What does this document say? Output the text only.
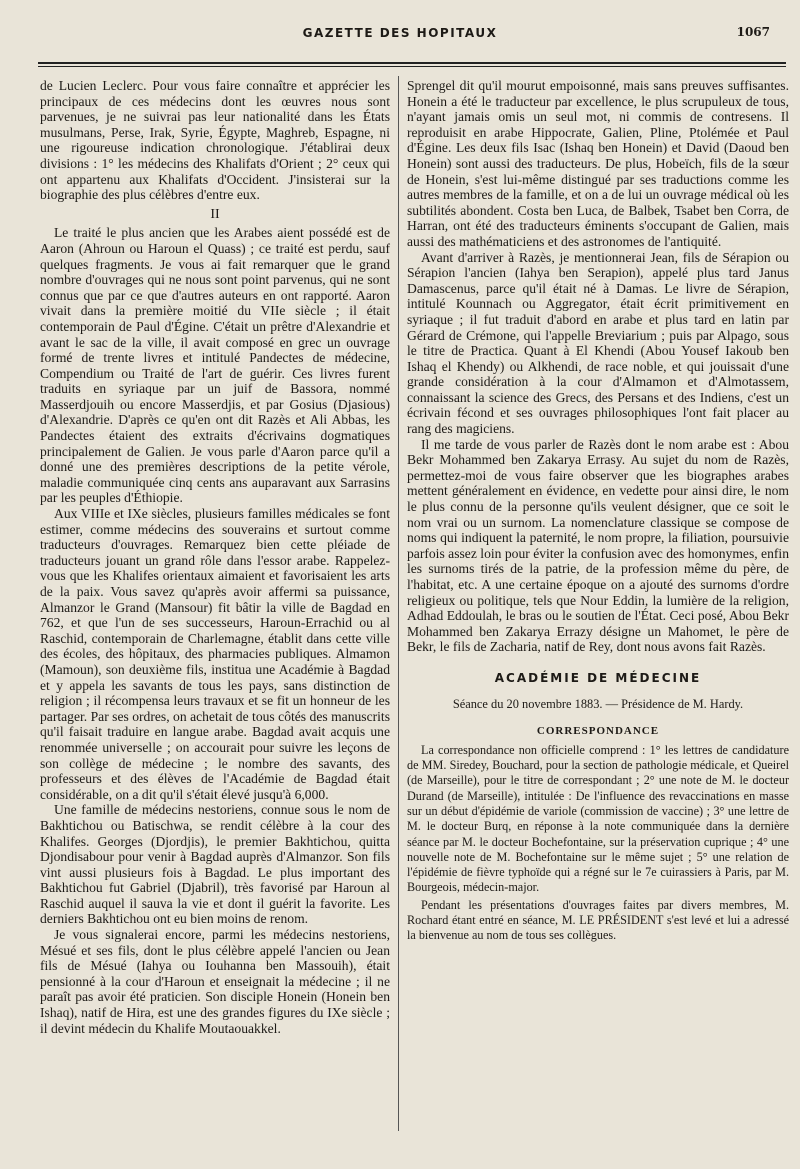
GAZETTE DES HOPITAUX	1067

de Lucien Leclerc. Pour vous faire connaître et apprécier les principaux de ces médecins dont les œuvres nous sont parvenues, je ne suivrai pas leur nationalité dans les États musulmans, Perse, Irak, Syrie, Égypte, Maghreb, Espagne, ni une rigoureuse indication chronologique. J'établirai deux divisions : 1° les médecins des Khalifats d'Orient ; 2° ceux qui ont appartenu aux Khalifats d'Occident. J'insisterai sur la biographie des plus célèbres d'entre eux.

II

Le traité le plus ancien que les Arabes aient possédé est de Aaron (Ahroun ou Haroun el Quass) ; ce traité est perdu, sauf quelques fragments. Je vous ai fait remarquer que le grand nombre d'ouvrages qui ne nous sont point parvenus, qui ne sont connus que par ce que d'autres auteurs en ont rapporté. Aaron vivait dans la première moitié du VIIe siècle ; il était contemporain de Paul d'Égine. C'était un prêtre d'Alexandrie et avant le sac de la ville, il avait composé en grec un ouvrage formé de trente livres et intitulé Pandectes de médecine, Compendium ou Traité de l'art de guérir. Ces livres furent traduits en syriaque par un juif de Bassora, nommé Masserdjouih ou encore Masserdjis, et par Gosius (Djasious) d'Alexandrie. D'après ce qu'en ont dit Razès et Ali Abbas, les Pandectes étaient des extraits d'écrivains dogmatiques principalement de Galien. Je vous parle d'Aaron parce qu'il a donné une des premières descriptions de la petite vérole, maladie communiquée cinq cents ans auparavant aux Sarrasins par les peuples d'Éthiopie.

Aux VIIIe et IXe siècles, plusieurs familles médicales se font estimer, comme médecins des souverains et surtout comme traducteurs d'ouvrages. Remarquez bien cette pléiade de traducteurs jouant un grand rôle dans l'essor arabe. Rappelez-vous que les Khalifes orientaux aimaient et favorisaient les arts de la paix. Vous savez qu'après avoir affermi sa puissance, Almanzor le Grand (Mansour) fit bâtir la ville de Bagdad en 762, et que l'un de ses successeurs, Haroun-Errachid ou al Raschid, contemporain de Charlemagne, établit dans cette ville des écoles, des hôpitaux, des pharmacies publiques. Almamon (Mamoun), son deuxième fils, institua une Académie à Bagdad et y appela les savants de tous les pays, sans distinction de religion ; il récompensa leurs travaux et se fit un honneur de les partager. Par ses ordres, on achetait de tous côtés des manuscrits qu'il faisait traduire en langue arabe. Bagdad avait acquis une renommée universelle ; on accourait pour suivre les leçons de son collège de médecine ; le nombre des savants, des professeurs et des élèves de l'Académie de Bagdad était considérable, on a dit qu'il s'était élevé jusqu'à 6,000.

Une famille de médecins nestoriens, connue sous le nom de Bakhtichou ou Batischwa, se rendit célèbre à la cour des Khalifes. Georges (Djordjis), le premier Bakhtichou, quitta Djondisabour pour venir à Bagdad auprès d'Almanzor. Son fils vint aussi plusieurs fois à Bagdad. Le plus important des Bakhtichou fut Gabriel (Djabril), très favorisé par Haroun al Raschid auquel il sauva la vie et dont il guérit la favorite. Les derniers Bakhtichou ont eu bien moins de renom.

Je vous signalerai encore, parmi les médecins nestoriens, Mésué et ses fils, dont le plus célèbre appelé l'ancien ou Jean fils de Mésué (Iahya ou Iouhanna ben Massouih), était pensionné à la cour d'Haroun et enseignait la médecine ; il ne paraît pas avoir été praticien. Son disciple Honein (Honein ben Ishaq), natif de Hira, est une des grandes figures du IXe siècle ; il devint médecin du Khalife Moutaouakkel.

Sprengel dit qu'il mourut empoisonné, mais sans preuves suffisantes. Honein a été le traducteur par excellence, le plus scrupuleux de tous, n'ayant jamais omis un seul mot, ni commis de contresens. Il reproduisit en arabe Hippocrate, Galien, Pline, Ptolémée et Paul d'Égine. Les deux fils Isac (Ishaq ben Honein) et David (Daoud ben Honein) sont aussi des traducteurs. De plus, Hobeïch, fils de la sœur de Honein, s'est lui-même distingué par ses traductions comme les autres membres de la famille, et on a de lui un ouvrage médical où les subtilités abondent. Costa ben Luca, de Balbek, Tsabet ben Corra, de Harran, ont été des traducteurs éminents s'occupant de Galien, mais aussi des mathématiciens et des astronomes de l'antiquité.

Avant d'arriver à Razès, je mentionnerai Jean, fils de Sérapion ou Sérapion l'ancien (Iahya ben Serapion), appelé plus tard Janus Damascenus, parce qu'il était né à Damas. Le livre de Sérapion, intitulé Kounnach ou Aggregator, était écrit primitivement en syriaque ; il fut traduit d'abord en arabe et plus tard en latin par Gérard de Crémone, qui l'appelle Breviarium ; puis par Alpago, sous le titre de Practica. Quant à El Khendi (Abou Yousef Iakoub ben Ishaq el Khendy) ou Alkhendi, de race noble, et qui jouissait d'une grande considération à la cour d'Almamon et d'Almotassem, connaissant la science des Grecs, des Persans et des Indiens, c'est un écrivain fécond et ses ouvrages philosophiques l'ont fait placer au rang des magiciens.

Il me tarde de vous parler de Razès dont le nom arabe est : Abou Bekr Mohammed ben Zakarya Errasy. Au sujet du nom de Razès, permettez-moi de vous faire observer que les biographes arabes mettent généralement en évidence, en vedette pour ainsi dire, le nom le plus connu de la personne qu'ils veulent désigner, que ce soit le nom vrai ou un surnom. La nomenclature classique se compose de noms qui indiquent la paternité, le nom propre, la filiation, poursuivie parfois assez loin pour éviter la confusion avec des homonymes, enfin les surnoms tirés de la patrie, de la profession même du père, de l'habitat, etc. A une certaine époque on a ajouté des surnoms d'ordre religieux ou politique, tels que Nour Eddin, la lumière de la religion, Adhad Eddoulah, le bras ou le soutien de l'État. Ceci posé, Abou Bekr Mohammed ben Zakarya Errazy désigne un Mahomet, le père de Bekr, le fils de Zacharia, natif de Rey, dont nous avons fait Razès.

ACADÉMIE DE MÉDECINE
Séance du 20 novembre 1883. — Présidence de M. Hardy.
CORRESPONDANCE

La correspondance non officielle comprend : 1° les lettres de candidature de MM. Siredey, Bouchard, pour la section de pathologie médicale, et Queirel (de Marseille), pour le titre de correspondant ; 2° une note de M. le docteur Durand (de Marseille), intitulée : De l'influence des revaccinations en masse sur un début d'épidémie de variole (commission de vaccine) ; 3° une lettre de M. le docteur Burq, en réponse à la note communiquée dans la dernière séance par M. le docteur Bochefontaine, sur la préservation cuprique ; 4° une nouvelle note de M. Bochefontaine sur le même sujet ; 5° une relation de l'épidémie de fièvre typhoïde qui a régné sur le 7e cuirassiers à Paris, par M. Bourgeois, médecin-major.

Pendant les présentations d'ouvrages faites par divers membres, M. Rochard étant entré en séance, M. LE PRÉSIDENT s'est levé et lui a adressé la bienvenue au nom de tous ses collègues.
